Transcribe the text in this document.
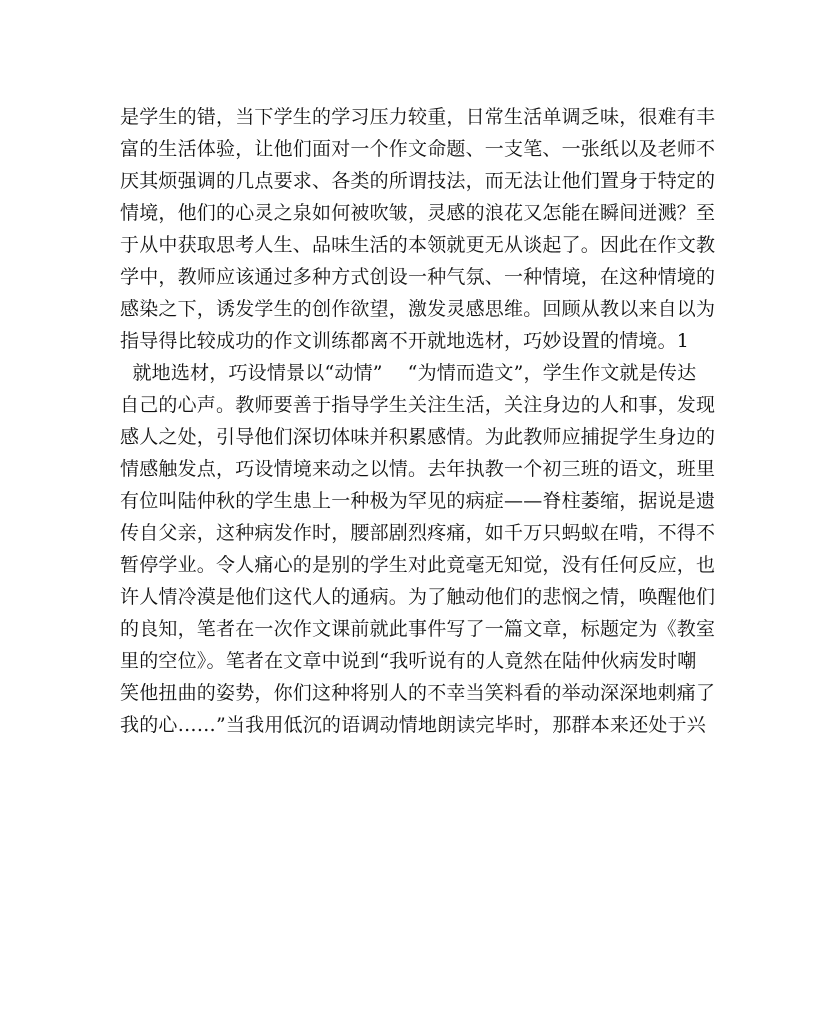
是学生的错，当下学生的学习压力较重，日常生活单调乏味，很难有丰
富的生活体验，让他们面对一个作文命题、一支笔、一张纸以及老师不
厌其烦强调的几点要求、各类的所谓技法，而无法让他们置身于特定的
情境，他们的心灵之泉如何被吹皱，灵感的浪花又怎能在瞬间迸溅？至
于从中获取思考人生、品味生活的本领就更无从谈起了。因此在作文教
学中，教师应该通过多种方式创设一种气氛、一种情境，在这种情境的
感染之下，诱发学生的创作欲望，激发灵感思维。回顾从教以来自以为
指导得比较成功的作文训练都离不开就地选材，巧妙设置的情境。1
就地选材，巧设情景以“动情”    “为情而造文”，学生作文就是传达
自己的心声。教师要善于指导学生关注生活，关注身边的人和事，发现
感人之处，引导他们深切体味并积累感情。为此教师应捕捉学生身边的
情感触发点，巧设情境来动之以情。去年执教一个初三班的语文，班里
有位叫陆仲秋的学生患上一种极为罕见的病症——脊柱萎缩，据说是遗
传自父亲，这种病发作时，腰部剧烈疼痛，如千万只蚂蚁在啃，不得不
暂停学业。令人痛心的是别的学生对此竟毫无知觉，没有任何反应，也
许人情冷漠是他们这代人的通病。为了触动他们的悲悯之情，唤醒他们
的良知，笔者在一次作文课前就此事件写了一篇文章，标题定为《教室
里的空位》。笔者在文章中说到“我听说有的人竟然在陆仲伙病发时嘲
笑他扭曲的姿势，你们这种将别人的不幸当笑料看的举动深深地刺痛了
我的心……”当我用低沉的语调动情地朗读完毕时，那群本来还处于兴
